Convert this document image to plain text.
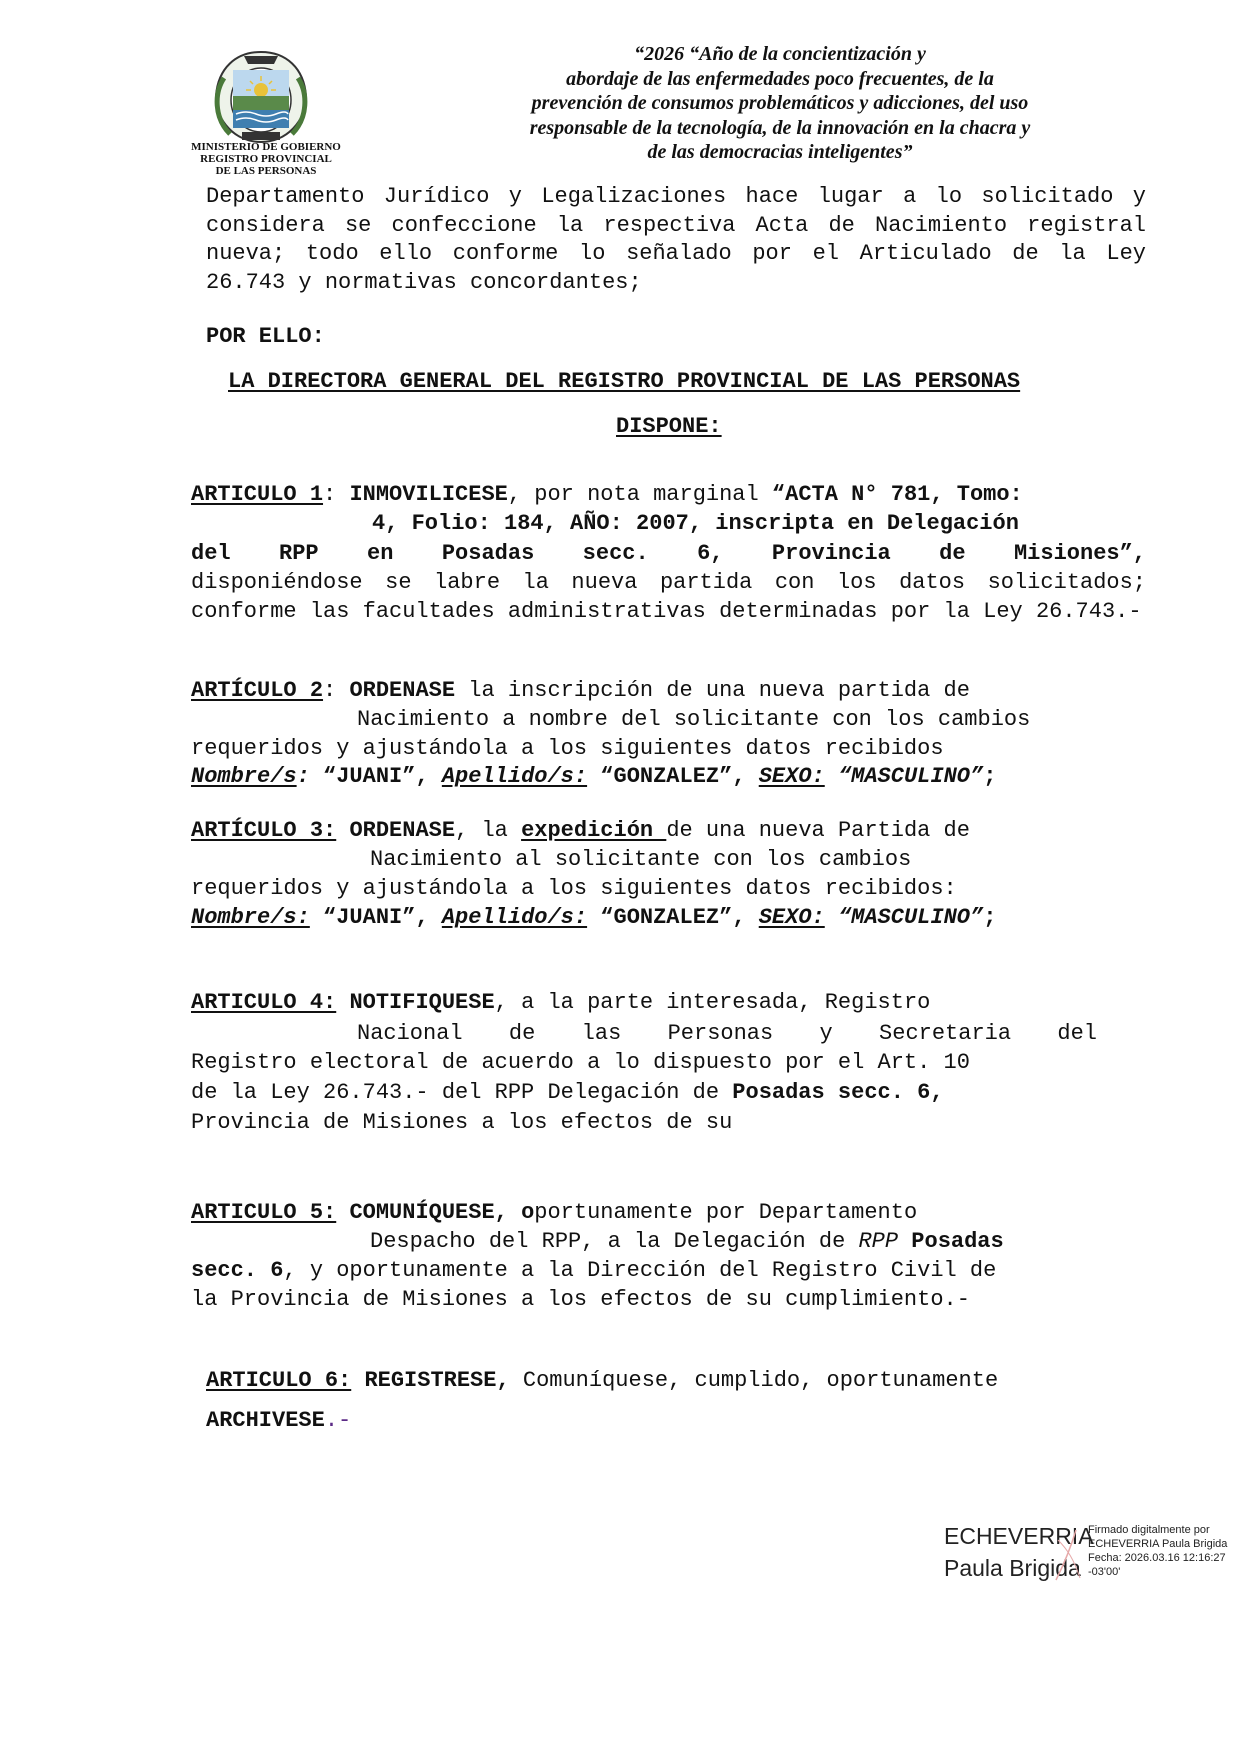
MINISTERIO DE GOBIERNO
REGISTRO PROVINCIAL
DE LAS PERSONAS
“2026 “Año de la concientización y
abordaje de las enfermedades poco frecuentes, de la
prevención de consumos problemáticos y adicciones, del uso
responsable de la tecnología, de la innovación en la chacra y
de las democracias inteligentes”
Departamento Jurídico y Legalizaciones hace lugar a lo solicitado y considera se confeccione la respectiva Acta de Nacimiento registral nueva; todo ello conforme lo señalado por el Articulado de la Ley 26.743 y normativas concordantes;
POR ELLO:
LA DIRECTORA GENERAL DEL REGISTRO PROVINCIAL DE LAS PERSONAS
DISPONE:
ARTICULO 1: INMOVILICESE, por nota marginal “ACTA N° 781, Tomo:
4, Folio: 184, AÑO: 2007, inscripta en Delegación
del RPP en Posadas secc. 6, Provincia de Misiones”,
disponiéndose se labre la nueva partida con los datos solicitados; conforme las facultades administrativas determinadas por la Ley 26.743.-
ARTÍCULO 2: ORDENASE la inscripción de una nueva partida de
Nacimiento a nombre del solicitante con los cambios
requeridos y ajustándola a los siguientes datos recibidos
Nombre/s: “JUANI”, Apellido/s: “GONZALEZ”, SEXO: “MASCULINO”;
ARTÍCULO 3: ORDENASE, la expedición de una nueva Partida de
Nacimiento al solicitante con los cambios
requeridos y ajustándola a los siguientes datos recibidos:
Nombre/s: “JUANI”, Apellido/s: “GONZALEZ”, SEXO: “MASCULINO”;
ARTICULO 4: NOTIFIQUESE, a la parte interesada, Registro
Nacional de las Personas y Secretaria del
Registro electoral de acuerdo a lo dispuesto por el Art. 10
de la Ley 26.743.- del RPP Delegación de Posadas secc. 6,
Provincia de Misiones a los efectos de su
ARTICULO 5: COMUNÍQUESE, oportunamente por Departamento
Despacho del RPP, a la Delegación de RPP Posadas
secc. 6, y oportunamente a la Dirección del Registro Civil de
la Provincia de Misiones a los efectos de su cumplimiento.-
ARTICULO 6: REGISTRESE, Comuníquese, cumplido, oportunamente
ARCHIVESE.-
ECHEVERRIA
Paula Brigida
Firmado digitalmente por
ECHEVERRIA Paula Brigida
Fecha: 2026.03.16 12:16:27
-03'00'
